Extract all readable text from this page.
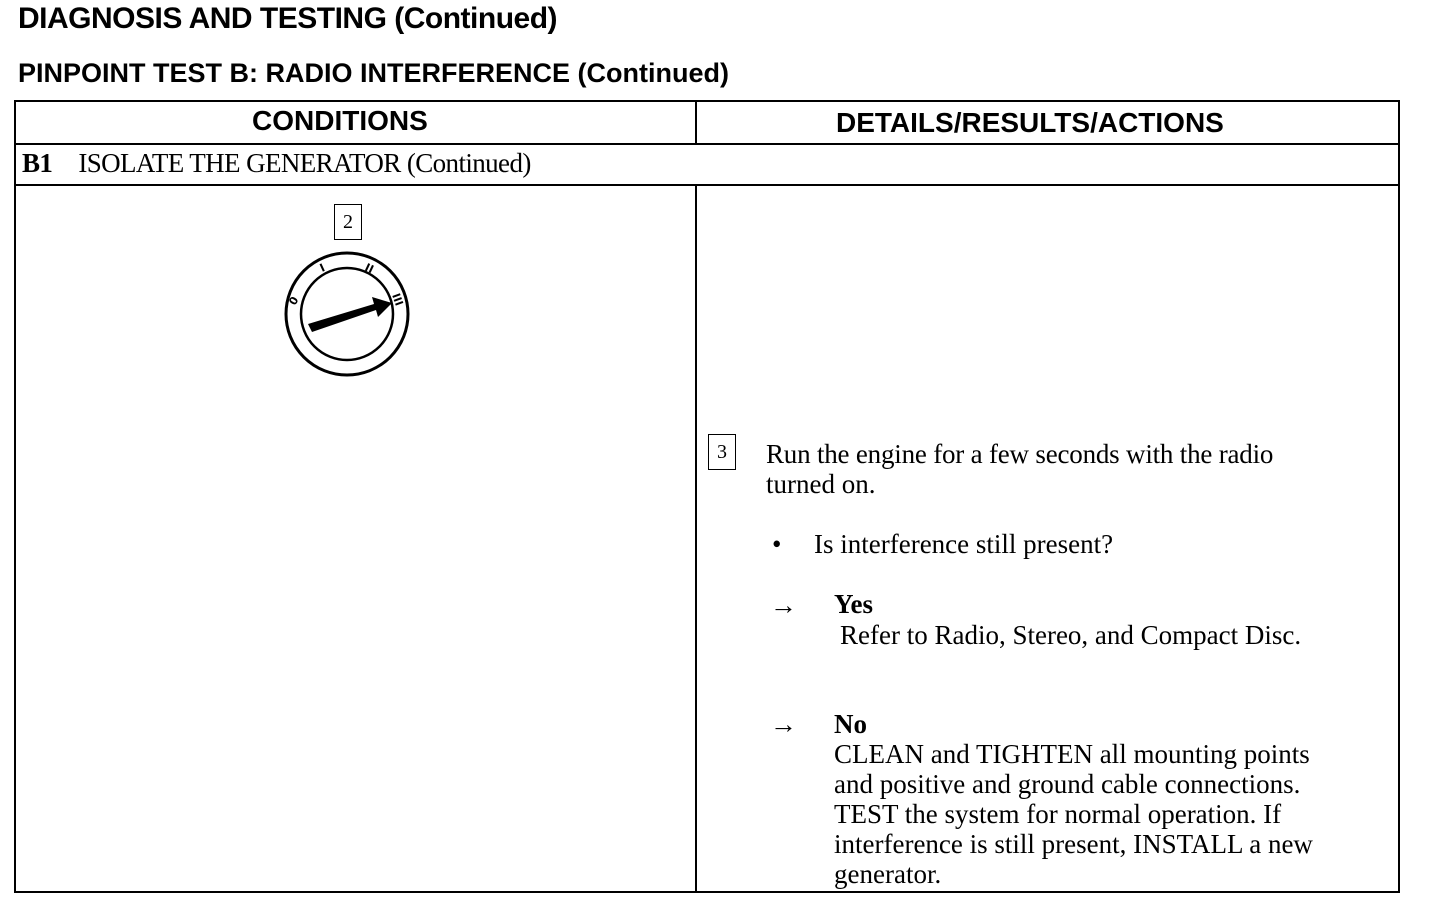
DIAGNOSIS AND TESTING (Continued)
PINPOINT TEST B: RADIO INTERFERENCE (Continued)
CONDITIONS	DETAILS/RESULTS/ACTIONS
B1 ISOLATE THE GENERATOR (Continued)
2
0
I	II
III
3	Run the engine for a few seconds with the radio
turned on.
• Is interference still present?
→ Yes
Refer to Radio, Stereo, and Compact Disc.
→ No
CLEAN and TIGHTEN all mounting points
and positive and ground cable connections.
TEST the system for normal operation. If
interference is still present, INSTALL a new
generator.
